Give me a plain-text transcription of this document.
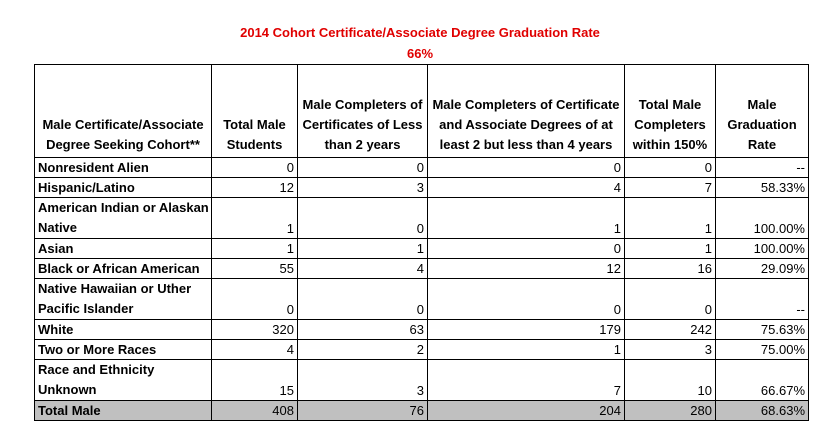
2014 Cohort Certificate/Associate Degree Graduation Rate
66%
Male Certificate/Associate Degree Seeking Cohort**	Total Male Students	Male Completers of Certificates of Less than 2 years	Male Completers of Certificate and Associate Degrees of at least 2 but less than 4 years	Total Male Completers within 150%	Male Graduation Rate
Nonresident Alien	0	0	0	0	--
Hispanic/Latino	12	3	4	7	58.33%
American Indian or Alaskan Native	1	0	1	1	100.00%
Asian	1	1	0	1	100.00%
Black or African American	55	4	12	16	29.09%
Native Hawaiian or Uther Pacific Islander	0	0	0	0	--
White	320	63	179	242	75.63%
Two or More Races	4	2	1	3	75.00%
Race and Ethnicity Unknown	15	3	7	10	66.67%
Total Male	408	76	204	280	68.63%
